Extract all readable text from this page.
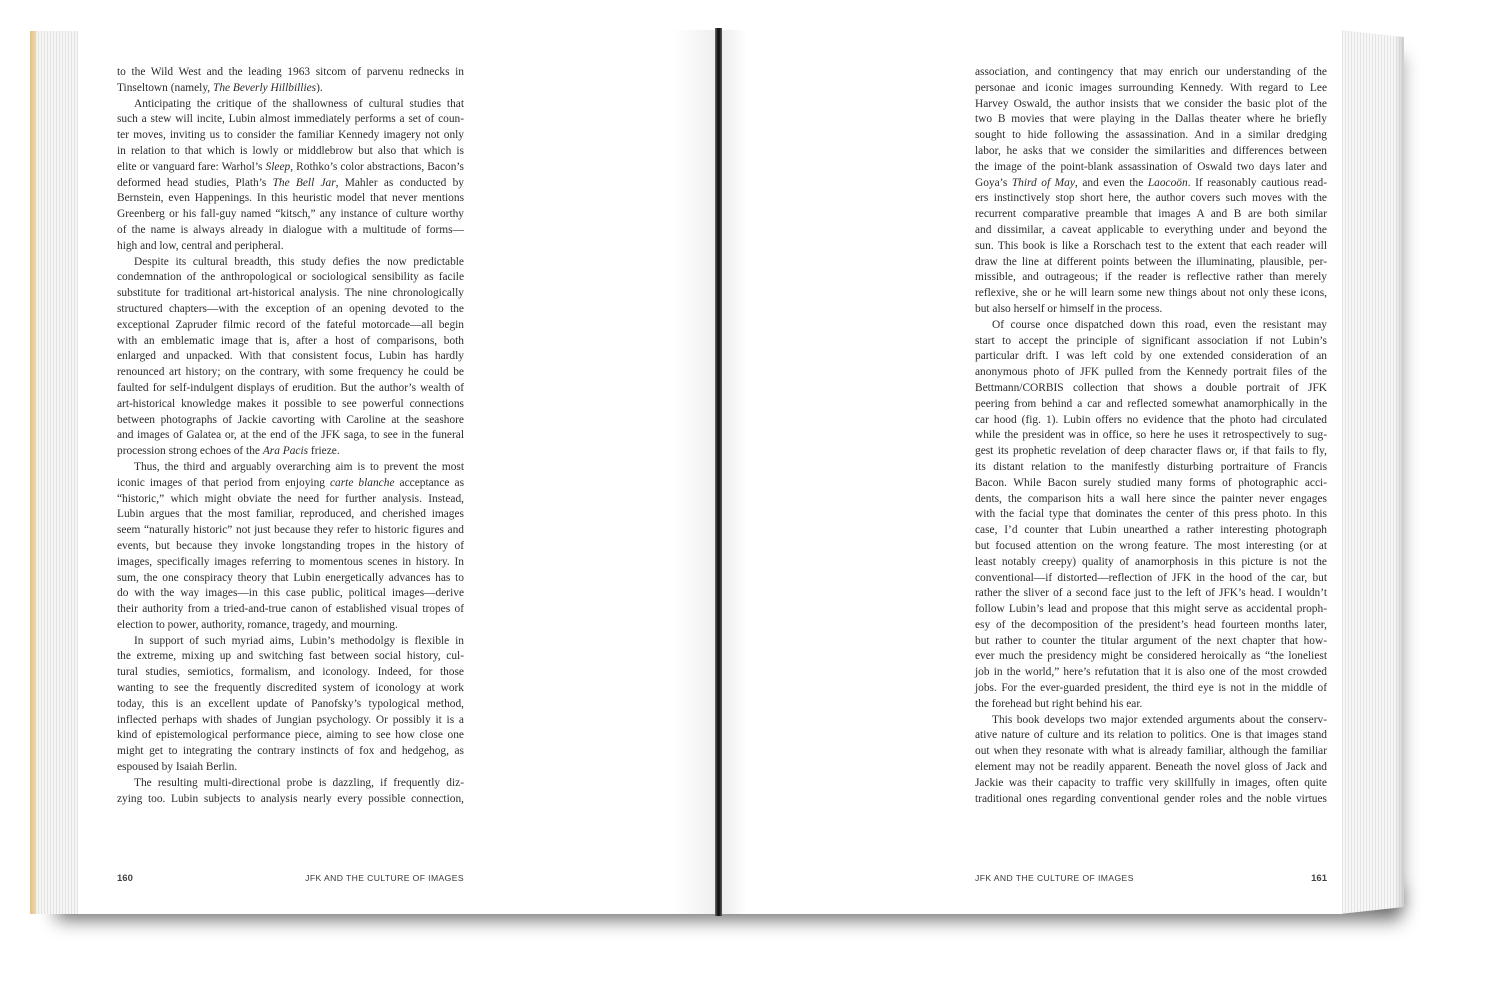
to the Wild West and the leading 1963 sitcom of parvenu rednecks in
Tinseltown (namely, The Beverly Hillbillies).
Anticipating the critique of the shallowness of cultural studies that
such a stew will incite, Lubin almost immediately performs a set of coun-
ter moves, inviting us to consider the familiar Kennedy imagery not only
in relation to that which is lowly or middlebrow but also that which is
elite or vanguard fare: Warhol’s Sleep, Rothko’s color abstractions, Bacon’s
deformed head studies, Plath’s The Bell Jar, Mahler as conducted by
Bernstein, even Happenings. In this heuristic model that never mentions
Greenberg or his fall-guy named “kitsch,” any instance of culture worthy
of the name is always already in dialogue with a multitude of forms—
high and low, central and peripheral.
Despite its cultural breadth, this study defies the now predictable
condemnation of the anthropological or sociological sensibility as facile
substitute for traditional art-historical analysis. The nine chronologically
structured chapters—with the exception of an opening devoted to the
exceptional Zapruder filmic record of the fateful motorcade—all begin
with an emblematic image that is, after a host of comparisons, both
enlarged and unpacked. With that consistent focus, Lubin has hardly
renounced art history; on the contrary, with some frequency he could be
faulted for self-indulgent displays of erudition. But the author’s wealth of
art-historical knowledge makes it possible to see powerful connections
between photographs of Jackie cavorting with Caroline at the seashore
and images of Galatea or, at the end of the JFK saga, to see in the funeral
procession strong echoes of the Ara Pacis frieze.
Thus, the third and arguably overarching aim is to prevent the most
iconic images of that period from enjoying carte blanche acceptance as
“historic,” which might obviate the need for further analysis. Instead,
Lubin argues that the most familiar, reproduced, and cherished images
seem “naturally historic” not just because they refer to historic figures and
events, but because they invoke longstanding tropes in the history of
images, specifically images referring to momentous scenes in history. In
sum, the one conspiracy theory that Lubin energetically advances has to
do with the way images—in this case public, political images—derive
their authority from a tried-and-true canon of established visual tropes of
election to power, authority, romance, tragedy, and mourning.
In support of such myriad aims, Lubin’s methodolgy is flexible in
the extreme, mixing up and switching fast between social history, cul-
tural studies, semiotics, formalism, and iconology. Indeed, for those
wanting to see the frequently discredited system of iconology at work
today, this is an excellent update of Panofsky’s typological method,
inflected perhaps with shades of Jungian psychology. Or possibly it is a
kind of epistemological performance piece, aiming to see how close one
might get to integrating the contrary instincts of fox and hedgehog, as
espoused by Isaiah Berlin.
The resulting multi-directional probe is dazzling, if frequently diz-
zying too. Lubin subjects to analysis nearly every possible connection,
160	JFK AND THE CULTURE OF IMAGES
association, and contingency that may enrich our understanding of the
personae and iconic images surrounding Kennedy. With regard to Lee
Harvey Oswald, the author insists that we consider the basic plot of the
two B movies that were playing in the Dallas theater where he briefly
sought to hide following the assassination. And in a similar dredging
labor, he asks that we consider the similarities and differences between
the image of the point-blank assassination of Oswald two days later and
Goya’s Third of May, and even the Laocoön. If reasonably cautious read-
ers instinctively stop short here, the author covers such moves with the
recurrent comparative preamble that images A and B are both similar
and dissimilar, a caveat applicable to everything under and beyond the
sun. This book is like a Rorschach test to the extent that each reader will
draw the line at different points between the illuminating, plausible, per-
missible, and outrageous; if the reader is reflective rather than merely
reflexive, she or he will learn some new things about not only these icons,
but also herself or himself in the process.
Of course once dispatched down this road, even the resistant may
start to accept the principle of significant association if not Lubin’s
particular drift. I was left cold by one extended consideration of an
anonymous photo of JFK pulled from the Kennedy portrait files of the
Bettmann/CORBIS collection that shows a double portrait of JFK
peering from behind a car and reflected somewhat anamorphically in the
car hood (fig. 1). Lubin offers no evidence that the photo had circulated
while the president was in office, so here he uses it retrospectively to sug-
gest its prophetic revelation of deep character flaws or, if that fails to fly,
its distant relation to the manifestly disturbing portraiture of Francis
Bacon. While Bacon surely studied many forms of photographic acci-
dents, the comparison hits a wall here since the painter never engages
with the facial type that dominates the center of this press photo. In this
case, I’d counter that Lubin unearthed a rather interesting photograph
but focused attention on the wrong feature. The most interesting (or at
least notably creepy) quality of anamorphosis in this picture is not the
conventional—if distorted—reflection of JFK in the hood of the car, but
rather the sliver of a second face just to the left of JFK’s head. I wouldn’t
follow Lubin’s lead and propose that this might serve as accidental proph-
esy of the decomposition of the president’s head fourteen months later,
but rather to counter the titular argument of the next chapter that how-
ever much the presidency might be considered heroically as “the loneliest
job in the world,” here’s refutation that it is also one of the most crowded
jobs. For the ever-guarded president, the third eye is not in the middle of
the forehead but right behind his ear.
This book develops two major extended arguments about the conserv-
ative nature of culture and its relation to politics. One is that images stand
out when they resonate with what is already familiar, although the familiar
element may not be readily apparent. Beneath the novel gloss of Jack and
Jackie was their capacity to traffic very skillfully in images, often quite
traditional ones regarding conventional gender roles and the noble virtues
JFK AND THE CULTURE OF IMAGES	161
